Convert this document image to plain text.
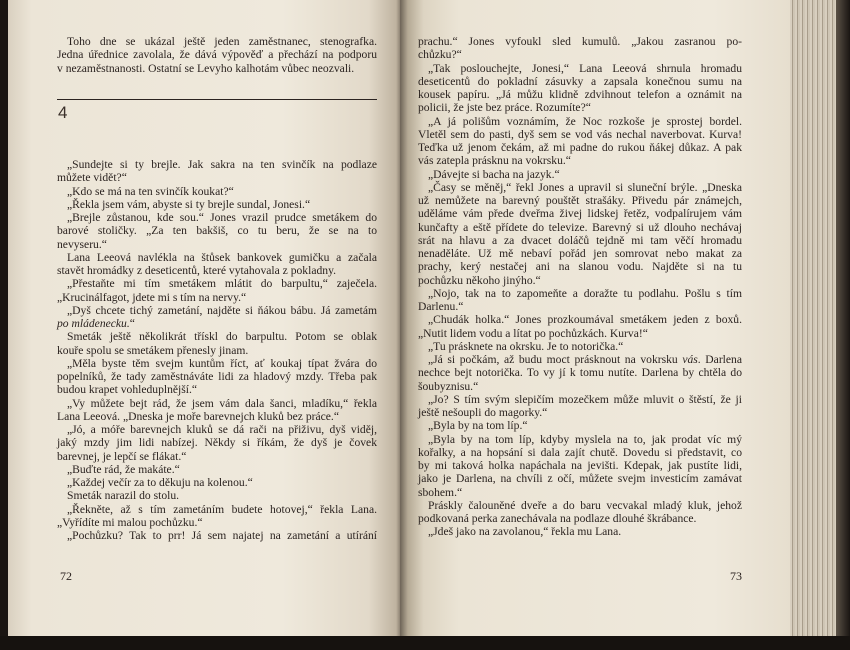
Toho dne se ukázal ještě jeden zaměstnanec, stenografka.
Jedna úřednice zavolala, že dává výpověď a přechází na podporu
v nezaměstnanosti. Ostatní se Levyho kalhotám vůbec neozvali.
4
„Sundejte si ty brejle. Jak sakra na ten svinčík na podlaze
můžete vidět?“
„Kdo se má na ten svinčík koukat?“
„Řekla jsem vám, abyste si ty brejle sundal, Jonesi.“
„Brejle zůstanou, kde sou.“ Jones vrazil prudce smetákem do
barové stoličky. „Za ten bakšiš, co tu beru, že se na to
nevyseru.“
Lana Leeová navlékla na štůsek bankovek gumičku a začala
stavět hromádky z deseticentů, které vytahovala z pokladny.
„Přestaňte mi tím smetákem mlátit do barpultu,“ zaječela.
„Krucinálfagot, jdete mi s tím na nervy.“
„Dyš chcete tichý zametání, najděte si ňákou bábu. Já zametám
po mládenecku.“
Smeták ještě několikrát třískl do barpultu. Potom se oblak
kouře spolu se smetákem přenesly jinam.
„Měla byste těm svejm kuntům říct, ať koukaj típat žvára do
popelníků, že tady zaměstnáváte lidi za hladový mzdy. Třeba pak
budou krapet vohleduplnější.“
„Vy můžete bejt rád, že jsem vám dala šanci, mladíku,“ řekla
Lana Leeová. „Dneska je moře barevnejch kluků bez práce.“
„Jó, a móře barevnejch kluků se dá rači na přiživu, dyš viděj,
jaký mzdy jim lidi nabízej. Někdy si říkám, že dyš je čovek
barevnej, je lepčí se flákat.“
„Buďte rád, že makáte.“
„Každej večír za to děkuju na kolenou.“
Smeták narazil do stolu.
„Řekněte, až s tím zametáním budete hotovej,“ řekla Lana.
„Vyřídíte mi malou pochůzku.“
„Pochůzku? Tak to prr! Já sem najatej na zametání a utírání
72
prachu.“ Jones vyfoukl sled kumulů. „Jakou zasranou po-
chůzku?“
„Tak poslouchejte, Jonesi,“ Lana Leeová shrnula hromadu
deseticentů do pokladní zásuvky a zapsala konečnou sumu na
kousek papíru. „Já můžu klidně zdvihnout telefon a oznámit na
policii, že jste bez práce. Rozumíte?“
„A já polišům voznámím, že Noc rozkoše je sprostej bordel.
Vletěl sem do pasti, dyš sem se vod vás nechal naverbovat. Kurva!
Teďka už jenom čekám, až mi padne do rukou ňákej důkaz. A pak
vás zatepla prásknu na vokrsku.“
„Dávejte si bacha na jazyk.“
„Časy se měněj,“ řekl Jones a upravil si sluneční brýle. „Dneska
už nemůžete na barevný pouštět strašáky. Přivedu pár známejch,
uděláme vám přede dveřma živej lidskej řetěz, vodpalírujem vám
kunčafty a eště přídete do televize. Barevný si už dlouho nechávaj
srát na hlavu a za dvacet doláčů tejdně mi tam věčí hromadu
nenaděláte. Už mě nebaví pořád jen somrovat nebo makat za
prachy, kerý nestačej ani na slanou vodu. Najděte si na tu
pochůzku někoho jinýho.“
„Nojo, tak na to zapomeňte a doražte tu podlahu. Pošlu s tím
Darlenu.“
„Chudák holka.“ Jones prozkoumával smetákem jeden z boxů.
„Nutit lidem vodu a lítat po pochůzkách. Kurva!“
„Tu prásknete na okrsku. Je to notorička.“
„Já si počkám, až budu moct prásknout na vokrsku vás. Darlena
nechce bejt notorička. To vy jí k tomu nutíte. Darlena by chtěla do
šoubyznisu.“
„Jo? S tím svým slepičím mozečkem může mluvit o štěstí, že ji
ještě nešoupli do magorky.“
„Byla by na tom líp.“
„Byla by na tom líp, kdyby myslela na to, jak prodat víc mý
kořalky, a na hopsání si dala zajít chutě. Dovedu si představit, co
by mi taková holka napáchala na jevišti. Kdepak, jak pustíte lidi,
jako je Darlena, na chvíli z očí, můžete svejm investicím zamávat
sbohem.“
Práskly čalouněné dveře a do baru vecvakal mladý kluk, jehož
podkovaná perka zanechávala na podlaze dlouhé škrábance.
„Jdeš jako na zavolanou,“ řekla mu Lana.
73
